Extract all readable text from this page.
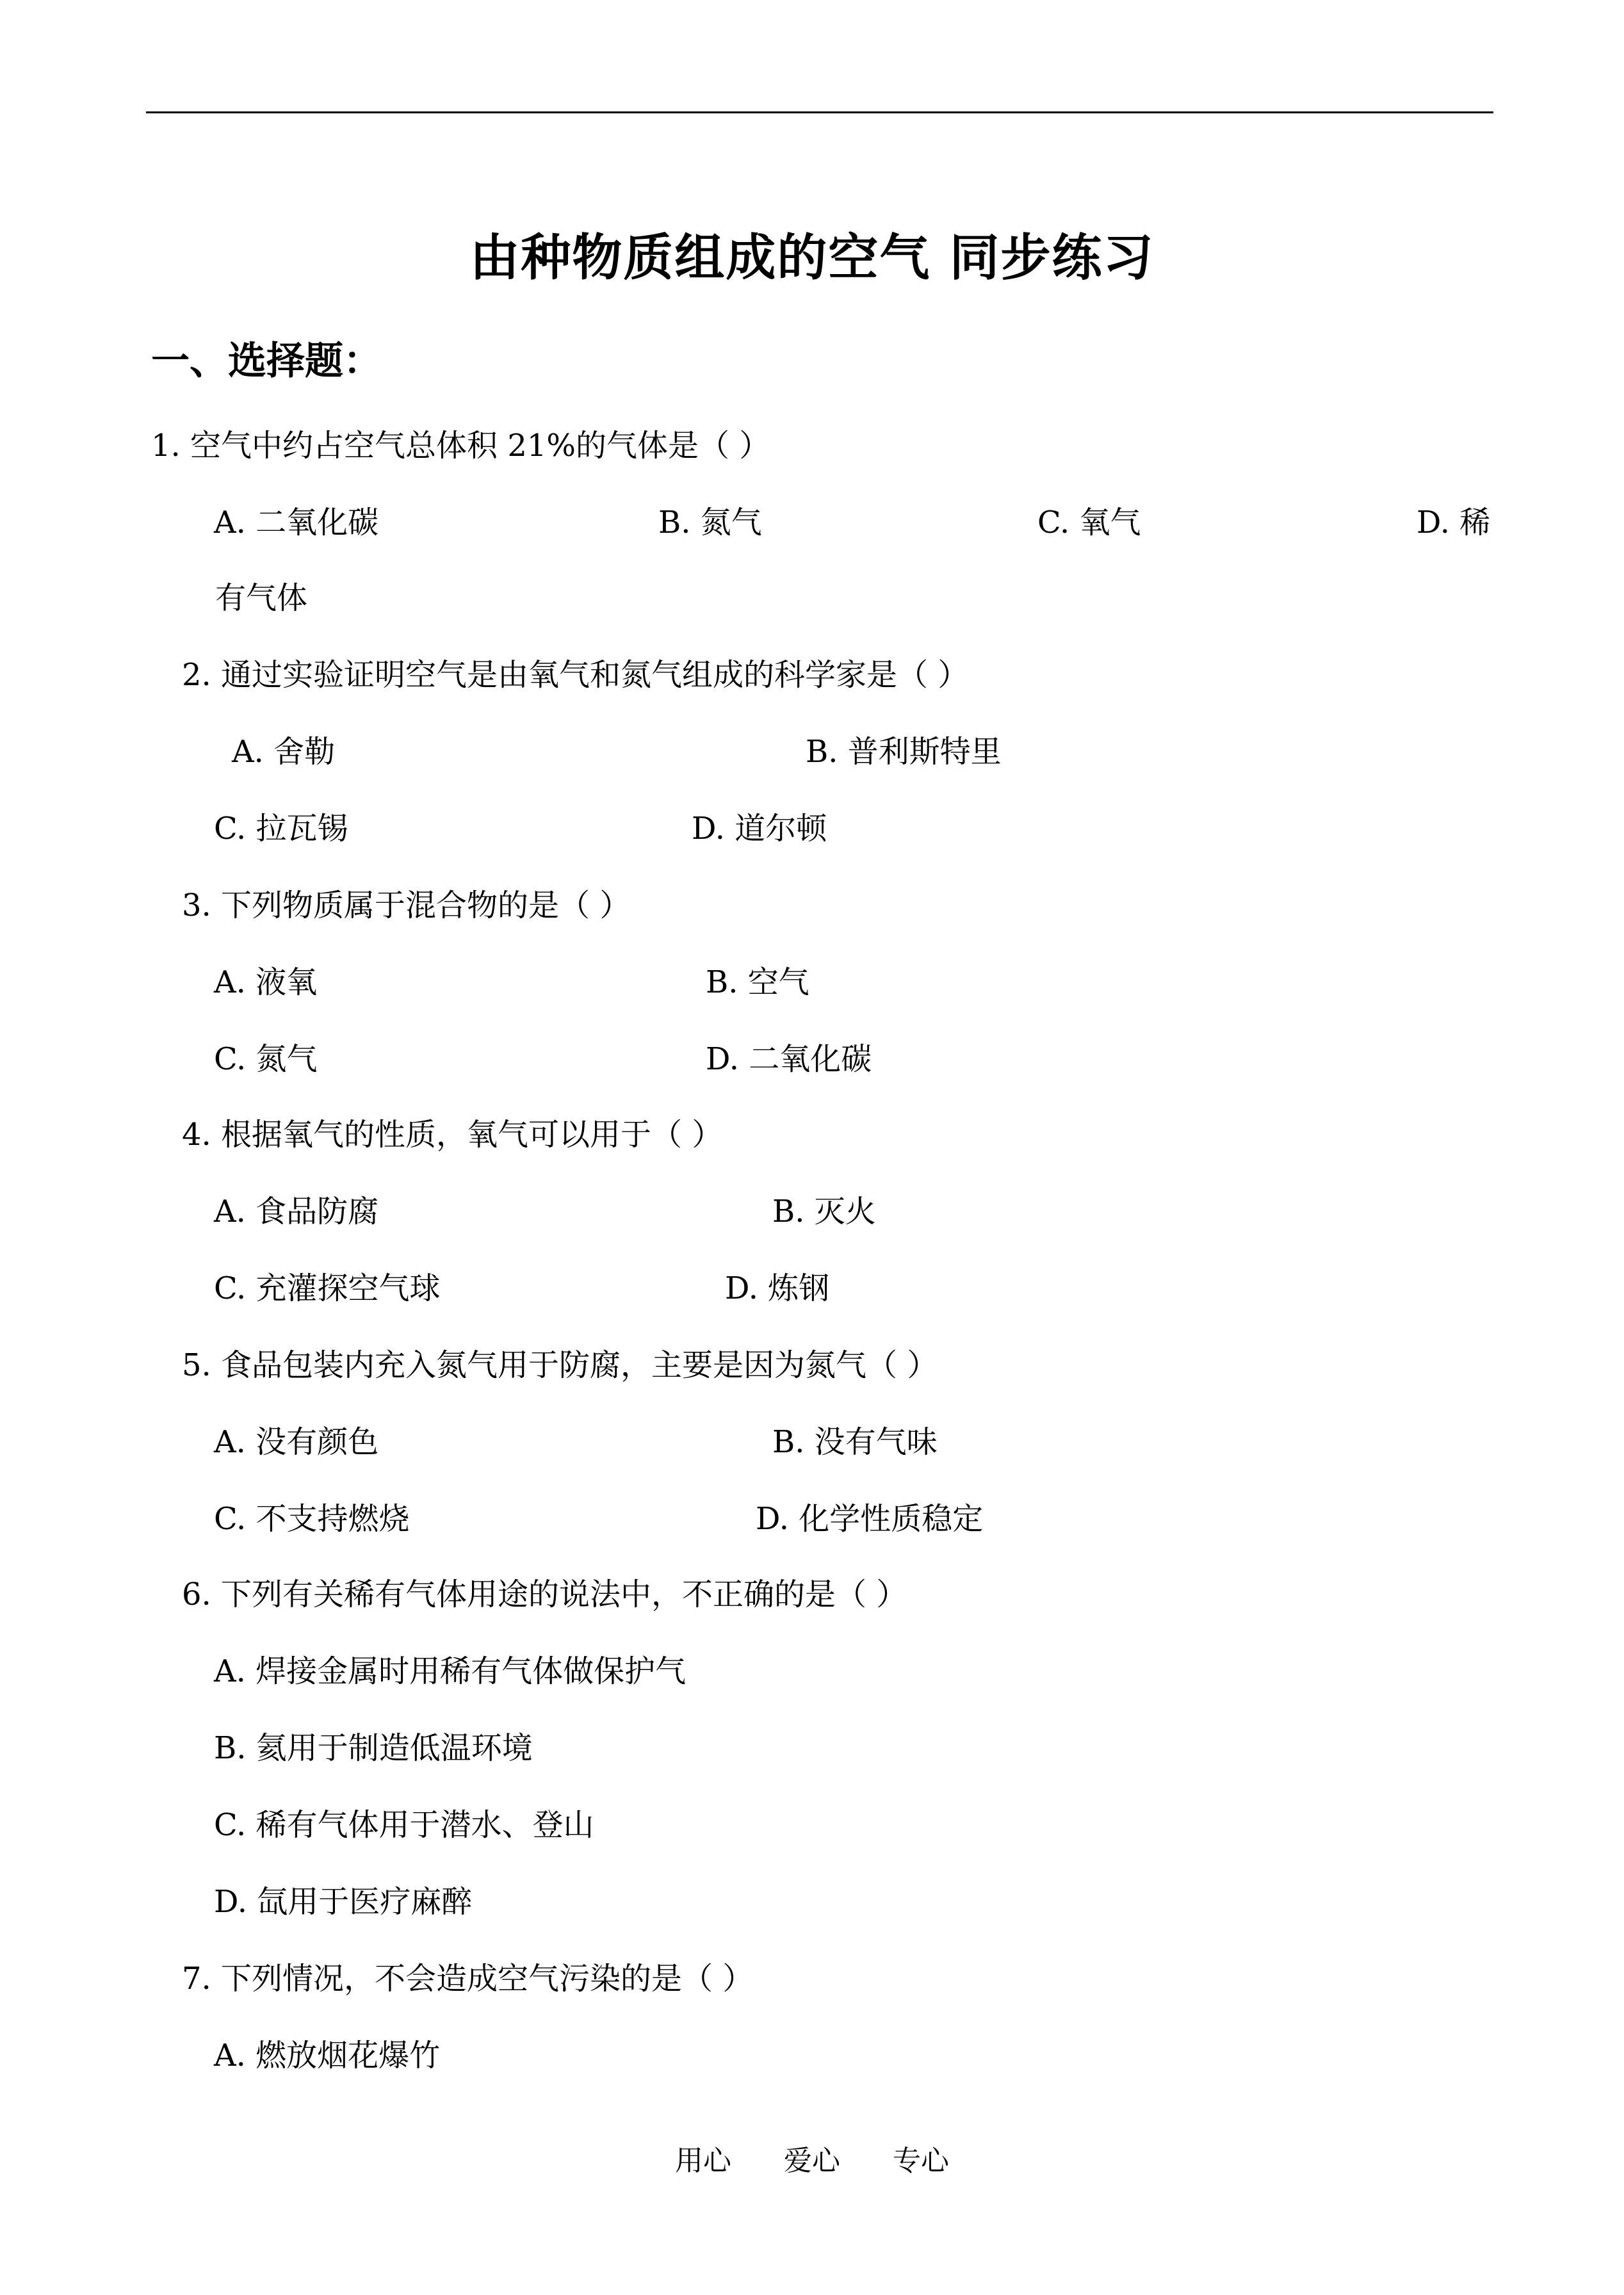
由种物质组成的空气 同步练习
一、选择题：
1. 空气中约占空气总体积 21%的气体是（ ）
A. 二氧化碳	B. 氮气	C. 氧气	D. 稀
有气体
2. 通过实验证明空气是由氧气和氮气组成的科学家是（ ）
A. 舍勒	B. 普利斯特里
C. 拉瓦锡	D. 道尔顿
3. 下列物质属于混合物的是（ ）
A. 液氧	B. 空气
C. 氮气	D. 二氧化碳
4. 根据氧气的性质，氧气可以用于（ ）
A. 食品防腐	B. 灭火
C. 充灌探空气球	D. 炼钢
5. 食品包装内充入氮气用于防腐，主要是因为氮气（ ）
A. 没有颜色	B. 没有气味
C. 不支持燃烧	D. 化学性质稳定
6. 下列有关稀有气体用途的说法中，不正确的是（ ）
A. 焊接金属时用稀有气体做保护气
B. 氦用于制造低温环境
C. 稀有气体用于潜水、登山
D. 氙用于医疗麻醉
7. 下列情况，不会造成空气污染的是（ ）
A. 燃放烟花爆竹
用心 爱心 专心
